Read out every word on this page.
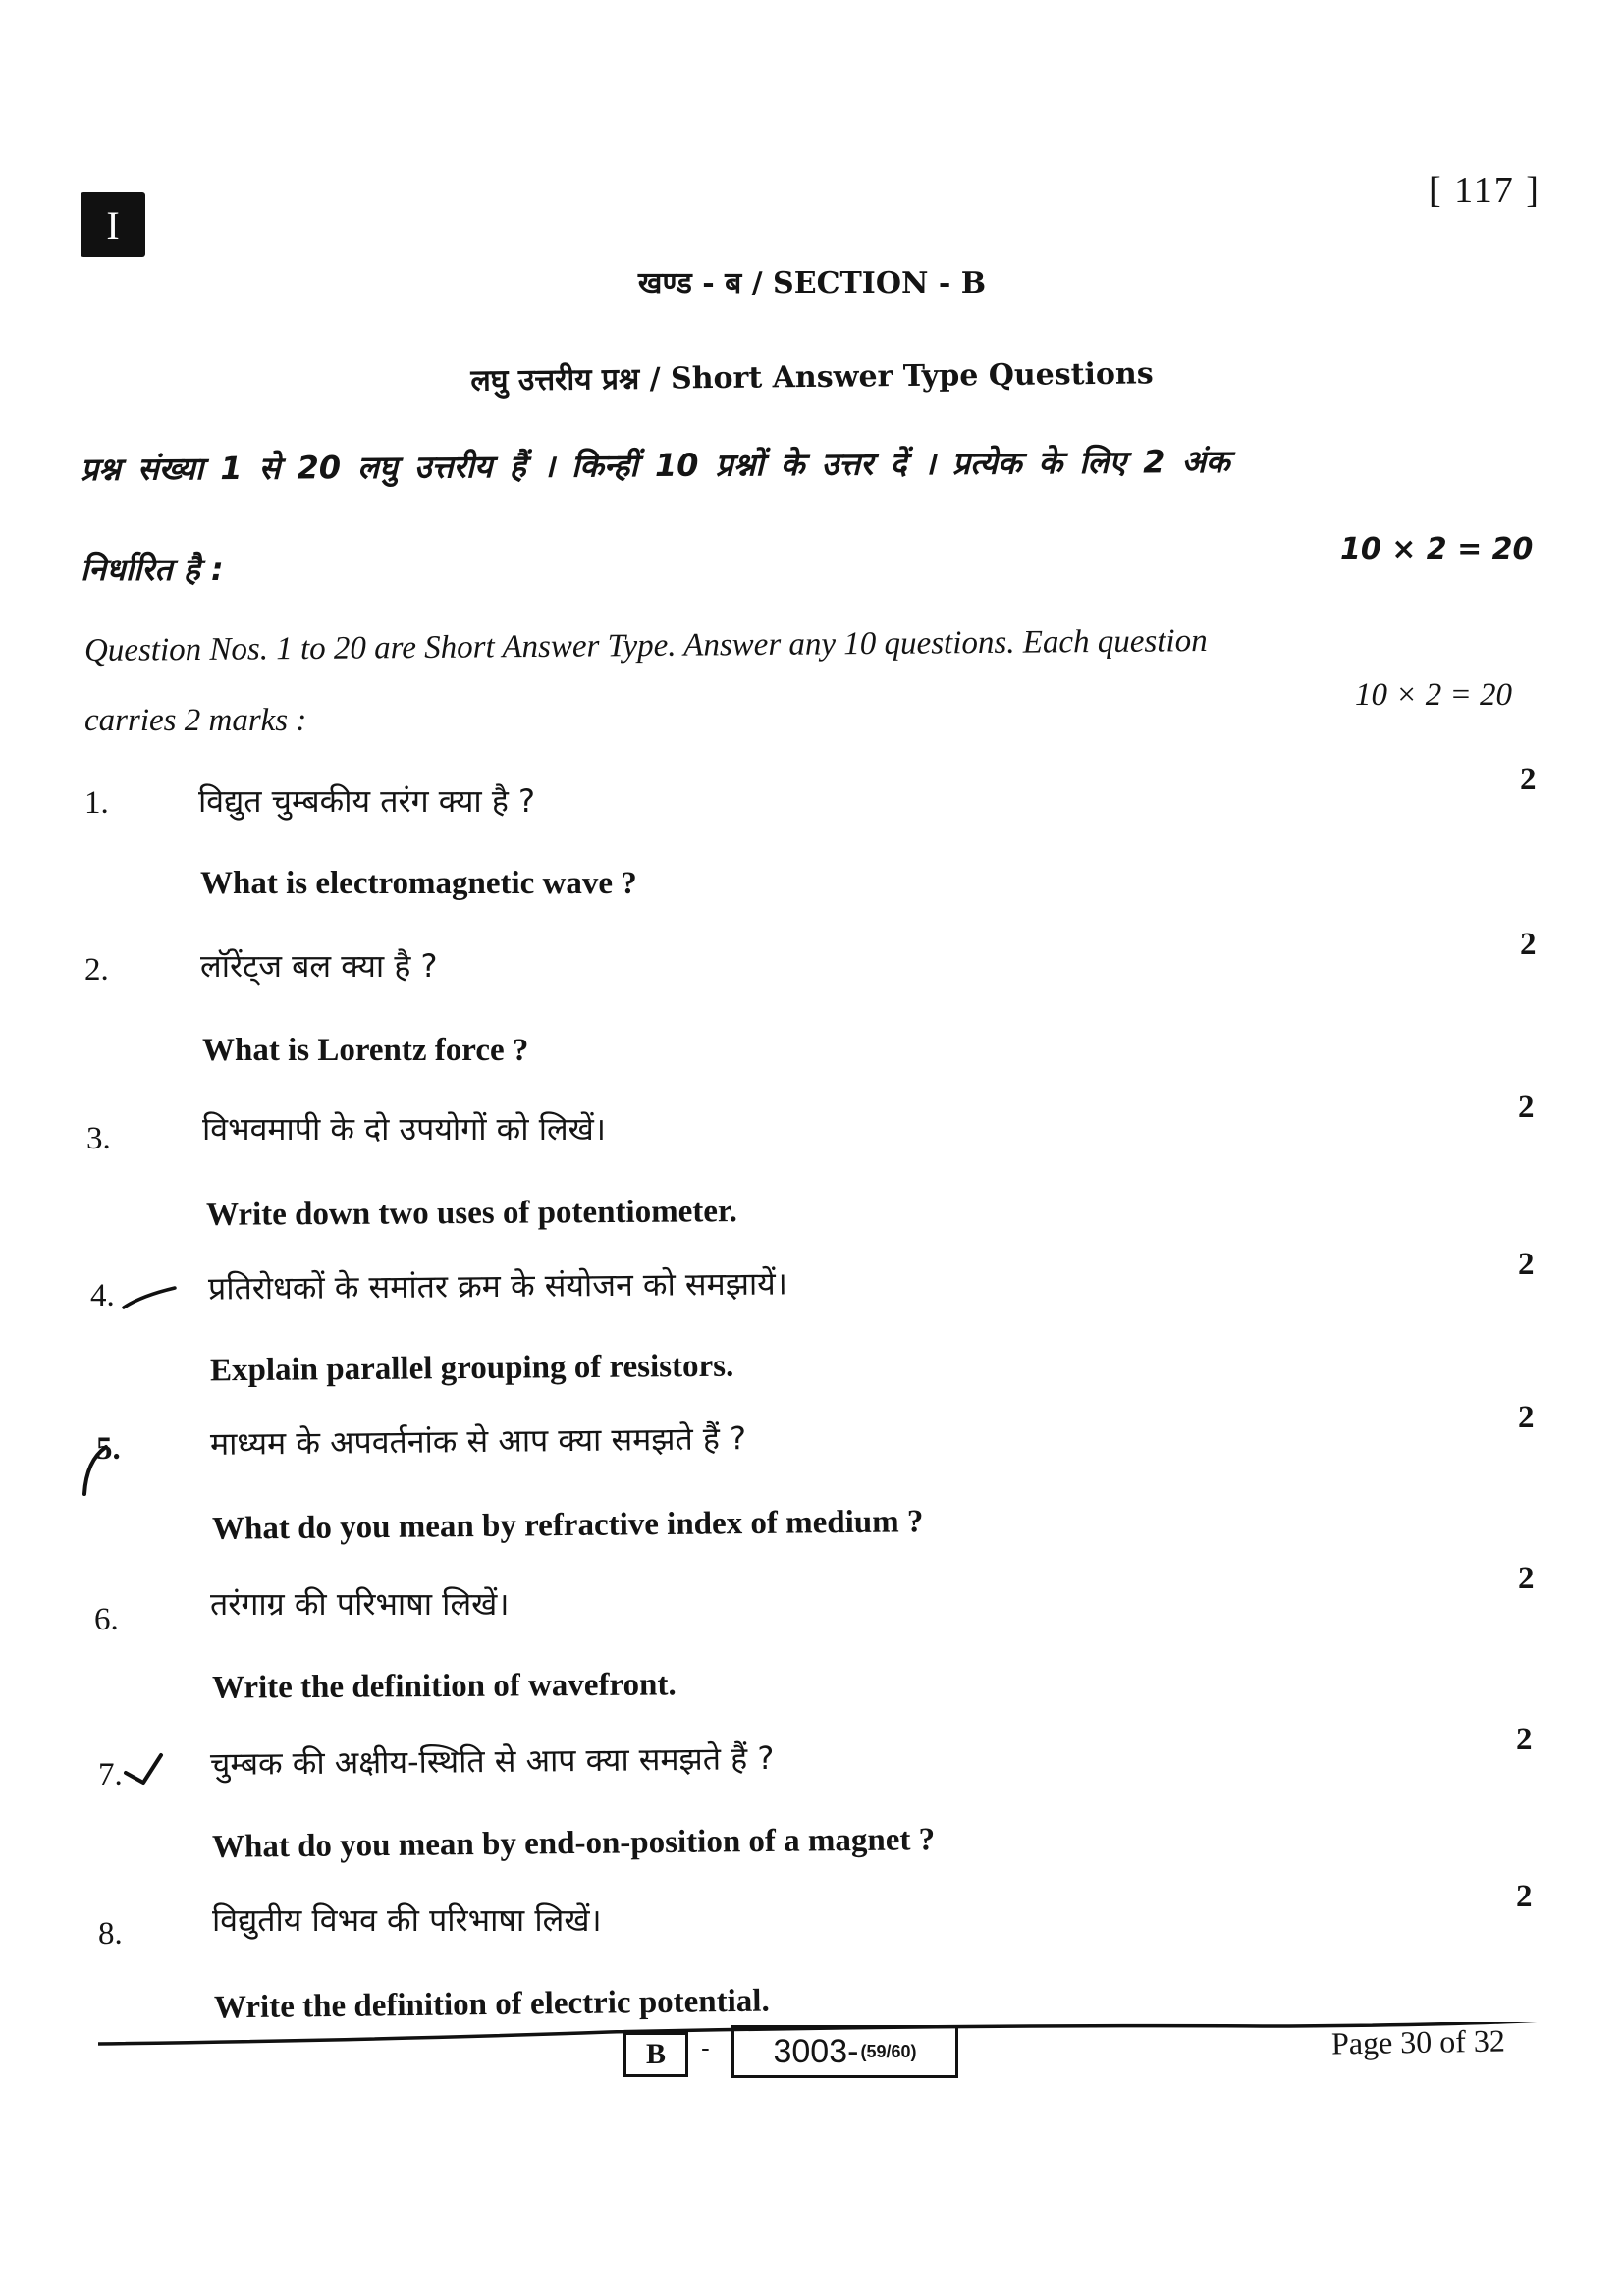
I
[ 117 ]
खण्ड - ब / SECTION - B
लघु उत्तरीय प्रश्न / Short Answer Type Questions
प्रश्न संख्या 1 से 20 लघु उत्तरीय हैं । किन्हीं 10 प्रश्नों के उत्तर दें । प्रत्येक के लिए 2 अंक
निर्धारित है :
10 × 2 = 20
Question Nos. 1 to 20 are Short Answer Type. Answer any 10 questions. Each question
10 × 2 = 20
carries 2 marks :
1.	विद्युत चुम्बकीय तरंग क्या है ?
What is electromagnetic wave ?
2
2.	लॉरेंट्ज बल क्या है ?
What is Lorentz force ?
2
3.	विभवमापी के दो उपयोगों को लिखें।
Write down two uses of potentiometer.
2
4.	प्रतिरोधकों के समांतर क्रम के संयोजन को समझायें।
Explain parallel grouping of resistors.
2
5.	माध्यम के अपवर्तनांक से आप क्या समझते हैं ?
What do you mean by refractive index of medium ?
2
6.	तरंगाग्र की परिभाषा लिखें।
Write the definition of wavefront.
2
7.	चुम्बक की अक्षीय-स्थिति से आप क्या समझते हैं ?
What do you mean by end-on-position of a magnet ?
2
8.	विद्युतीय विभव की परिभाषा लिखें।
Write the definition of electric potential.
2
B - 3003- (59/60)	Page 30 of 32
